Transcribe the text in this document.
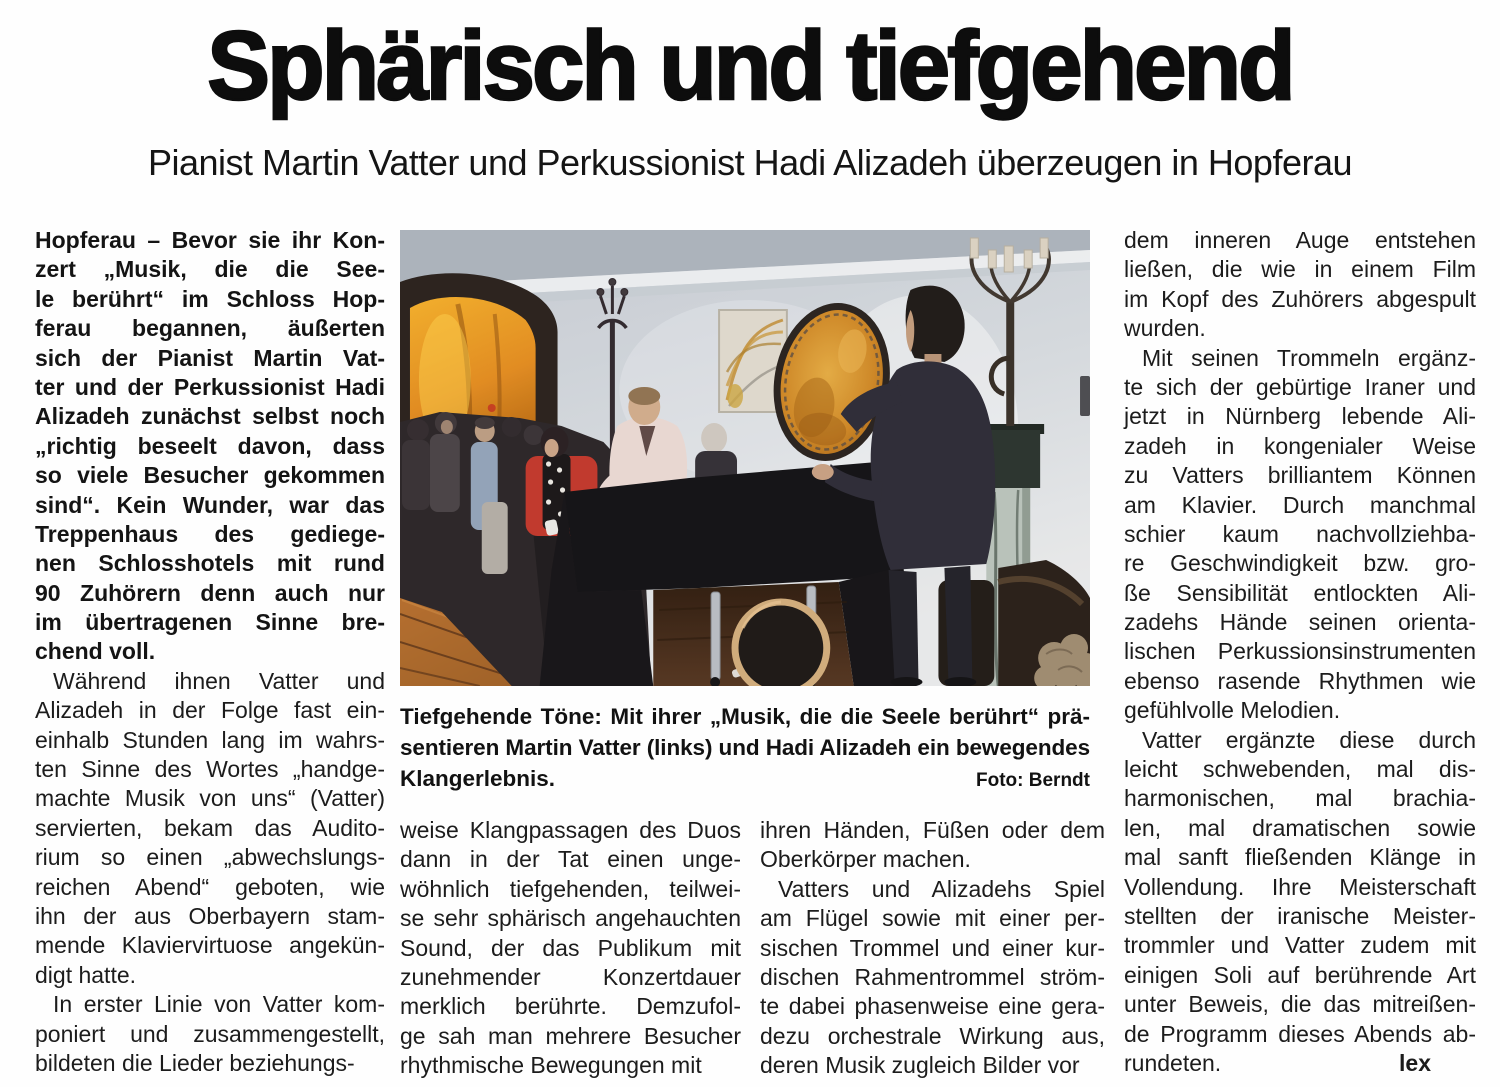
Sphärisch und tiefgehend
Pianist Martin Vatter und Perkussionist Hadi Alizadeh überzeugen in Hopferau
Hopferau – Bevor sie ihr Kon-
zert „Musik, die die See-
le berührt“ im Schloss Hop-
ferau begannen, äußerten
sich der Pianist Martin Vat-
ter und der Perkussionist Hadi
Alizadeh zunächst selbst noch
„richtig beseelt davon, dass
so viele Besucher gekommen
sind“. Kein Wunder, war das
Treppenhaus des gediege-
nen Schlosshotels mit rund
90 Zuhörern denn auch nur
im übertragenen Sinne bre-
chend voll.
Während ihnen Vatter und
Alizadeh in der Folge fast ein-
einhalb Stunden lang im wahrs-
ten Sinne des Wortes „handge-
machte Musik von uns“ (Vatter)
servierten, bekam das Audito-
rium so einen „abwechslungs-
reichen Abend“ geboten, wie
ihn der aus Oberbayern stam-
mende Klaviervirtuose angekün-
digt hatte.
In erster Linie von Vatter kom-
poniert und zusammengestellt,
bildeten die Lieder beziehungs-
Tiefgehende Töne: Mit ihrer „Musik, die die Seele berührt“ prä-
sentieren Martin Vatter (links) und Hadi Alizadeh ein bewegendes
Klangerlebnis.	Foto: Berndt
weise Klangpassagen des Duos
dann in der Tat einen unge-
wöhnlich tiefgehenden, teilwei-
se sehr sphärisch angehauchten
Sound, der das Publikum mit
zunehmender Konzertdauer
merklich berührte. Demzufol-
ge sah man mehrere Besucher
rhythmische Bewegungen mit
ihren Händen, Füßen oder dem
Oberkörper machen.
Vatters und Alizadehs Spiel
am Flügel sowie mit einer per-
sischen Trommel und einer kur-
dischen Rahmentrommel ström-
te dabei phasenweise eine gera-
dezu orchestrale Wirkung aus,
deren Musik zugleich Bilder vor
dem inneren Auge entstehen
ließen, die wie in einem Film
im Kopf des Zuhörers abgespult
wurden.
Mit seinen Trommeln ergänz-
te sich der gebürtige Iraner und
jetzt in Nürnberg lebende Ali-
zadeh in kongenialer Weise
zu Vatters brilliantem Können
am Klavier. Durch manchmal
schier kaum nachvollziehba-
re Geschwindigkeit bzw. gro-
ße Sensibilität entlockten Ali-
zadehs Hände seinen orienta-
lischen Perkussionsinstrumenten
ebenso rasende Rhythmen wie
gefühlvolle Melodien.
Vatter ergänzte diese durch
leicht schwebenden, mal dis-
harmonischen, mal brachia-
len, mal dramatischen sowie
mal sanft fließenden Klänge in
Vollendung. Ihre Meisterschaft
stellten der iranische Meister-
trommler und Vatter zudem mit
einigen Soli auf berührende Art
unter Beweis, die das mitreißen-
de Programm dieses Abends ab-
rundeten.	lex
